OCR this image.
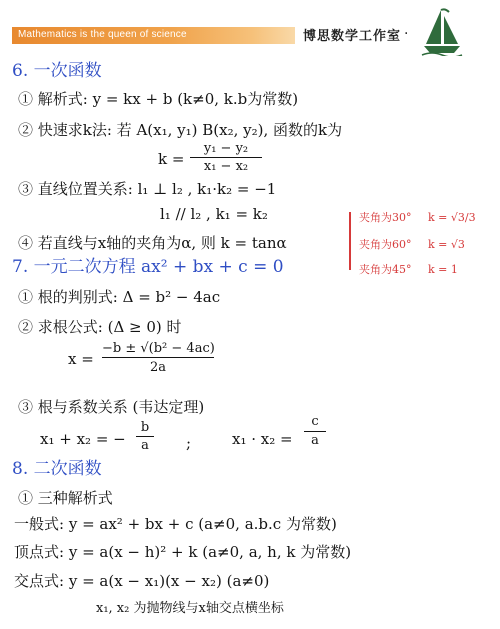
Mathematics is the queen of science	博思数学工作室 ·
6. 一次函数
① 解析式: y = kx + b (k≠0, k.b为常数)
② 快速求k法: 若 A(x₁, y₁) B(x₂, y₂), 函数的k为
k =
y₁ − y₂
x₁ − x₂
③ 直线位置关系: l₁ ⊥ l₂ , k₁·k₂ = −1
l₁ // l₂ , k₁ = k₂
④ 若直线与x轴的夹角为α, 则 k = tanα
夹角为30° k = √3/3
夹角为60° k = √3
夹角为45° k = 1
7. 一元二次方程 ax² + bx + c = 0
① 根的判别式: Δ = b² − 4ac
② 求根公式: (Δ ≥ 0) 时
x =
−b ± √(b² − 4ac)
2a
③ 根与系数关系 (韦达定理)
x₁ + x₂ = −
b
a	;	x₁ · x₂ =
c
a
8. 二次函数
① 三种解析式
一般式: y = ax² + bx + c (a≠0, a.b.c 为常数)
顶点式: y = a(x − h)² + k (a≠0, a, h, k 为常数)
交点式: y = a(x − x₁)(x − x₂) (a≠0)
x₁, x₂ 为抛物线与x轴交点横坐标
